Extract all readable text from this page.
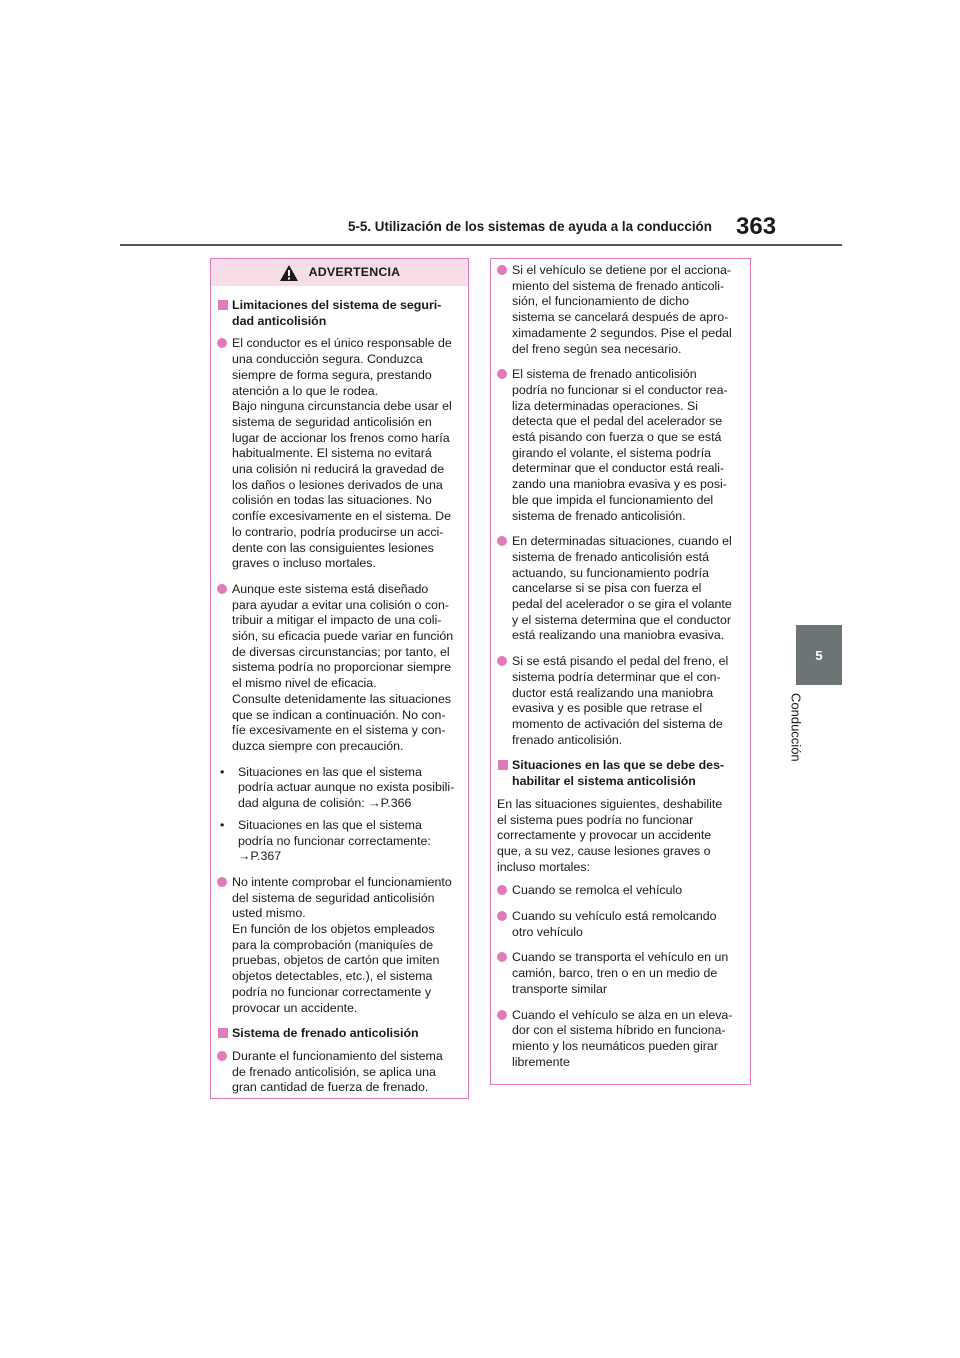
5-5. Utilización de los sistemas de ayuda a la conducción 363
5
Conducción
ADVERTENCIA
Limitaciones del sistema de seguri-
dad anticolisión
El conductor es el único responsable de
una conducción segura. Conduzca
siempre de forma segura, prestando
atención a lo que le rodea.
Bajo ninguna circunstancia debe usar el
sistema de seguridad anticolisión en
lugar de accionar los frenos como haría
habitualmente. El sistema no evitará
una colisión ni reducirá la gravedad de
los daños o lesiones derivados de una
colisión en todas las situaciones. No
confíe excesivamente en el sistema. De
lo contrario, podría producirse un acci-
dente con las consiguientes lesiones
graves o incluso mortales.
Aunque este sistema está diseñado
para ayudar a evitar una colisión o con-
tribuir a mitigar el impacto de una coli-
sión, su eficacia puede variar en función
de diversas circunstancias; por tanto, el
sistema podría no proporcionar siempre
el mismo nivel de eficacia.
Consulte detenidamente las situaciones
que se indican a continuación. No con-
fíe excesivamente en el sistema y con-
duzca siempre con precaución.
• Situaciones en las que el sistema
podría actuar aunque no exista posibili-
dad alguna de colisión: →P.366
• Situaciones en las que el sistema
podría no funcionar correctamente:
→P.367
No intente comprobar el funcionamiento
del sistema de seguridad anticolisión
usted mismo.
En función de los objetos empleados
para la comprobación (maniquíes de
pruebas, objetos de cartón que imiten
objetos detectables, etc.), el sistema
podría no funcionar correctamente y
provocar un accidente.
Sistema de frenado anticolisión
Durante el funcionamiento del sistema
de frenado anticolisión, se aplica una
gran cantidad de fuerza de frenado.
Si el vehículo se detiene por el acciona-
miento del sistema de frenado anticoli-
sión, el funcionamiento de dicho
sistema se cancelará después de apro-
ximadamente 2 segundos. Pise el pedal
del freno según sea necesario.
El sistema de frenado anticolisión
podría no funcionar si el conductor rea-
liza determinadas operaciones. Si
detecta que el pedal del acelerador se
está pisando con fuerza o que se está
girando el volante, el sistema podría
determinar que el conductor está reali-
zando una maniobra evasiva y es posi-
ble que impida el funcionamiento del
sistema de frenado anticolisión.
En determinadas situaciones, cuando el
sistema de frenado anticolisión está
actuando, su funcionamiento podría
cancelarse si se pisa con fuerza el
pedal del acelerador o se gira el volante
y el sistema determina que el conductor
está realizando una maniobra evasiva.
Si se está pisando el pedal del freno, el
sistema podría determinar que el con-
ductor está realizando una maniobra
evasiva y es posible que retrase el
momento de activación del sistema de
frenado anticolisión.
Situaciones en las que se debe des-
habilitar el sistema anticolisión
En las situaciones siguientes, deshabilite
el sistema pues podría no funcionar
correctamente y provocar un accidente
que, a su vez, cause lesiones graves o
incluso mortales:
Cuando se remolca el vehículo
Cuando su vehículo está remolcando
otro vehículo
Cuando se transporta el vehículo en un
camión, barco, tren o en un medio de
transporte similar
Cuando el vehículo se alza en un eleva-
dor con el sistema híbrido en funciona-
miento y los neumáticos pueden girar
libremente
